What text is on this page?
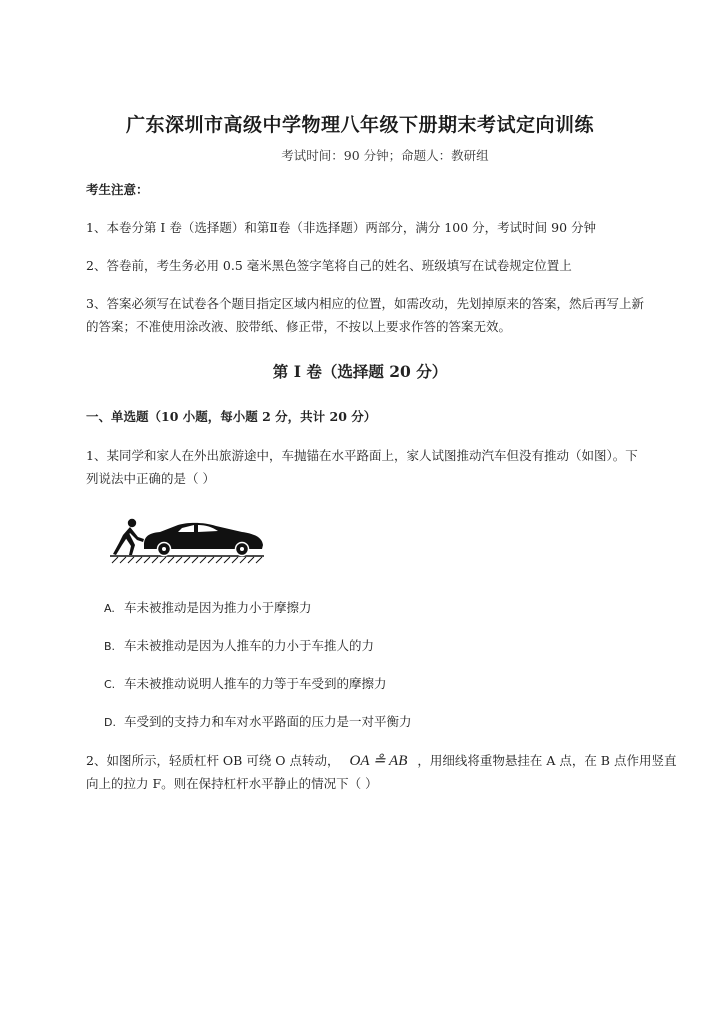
广东深圳市高级中学物理八年级下册期末考试定向训练
考试时间：90 分钟；命题人：教研组
考生注意：
1、本卷分第 I 卷（选择题）和第Ⅱ卷（非选择题）两部分，满分 100 分，考试时间 90 分钟
2、答卷前，考生务必用 0.5 毫米黑色签字笔将自己的姓名、班级填写在试卷规定位置上
3、答案必须写在试卷各个题目指定区域内相应的位置，如需改动，先划掉原来的答案，然后再写上新
的答案；不准使用涂改液、胶带纸、修正带，不按以上要求作答的答案无效。
第 I 卷（选择题 20 分）
一、单选题（10 小题，每小题 2 分，共计 20 分）
1、某同学和家人在外出旅游途中，车抛锚在水平路面上，家人试图推动汽车但没有推动（如图）。下
列说法中正确的是（ ）
A. 车未被推动是因为推力小于摩擦力
B. 车未被推动是因为人推车的力小于车推人的力
C. 车未被推动说明人推车的力等于车受到的摩擦力
D. 车受到的支持力和车对水平路面的压力是一对平衡力
2、如图所示，轻质杠杆 OB 可绕 O 点转动， OA ≗ AB ，用细线将重物悬挂在 A 点，在 B 点作用竖直
向上的拉力 F。则在保持杠杆水平静止的情况下（ ）
